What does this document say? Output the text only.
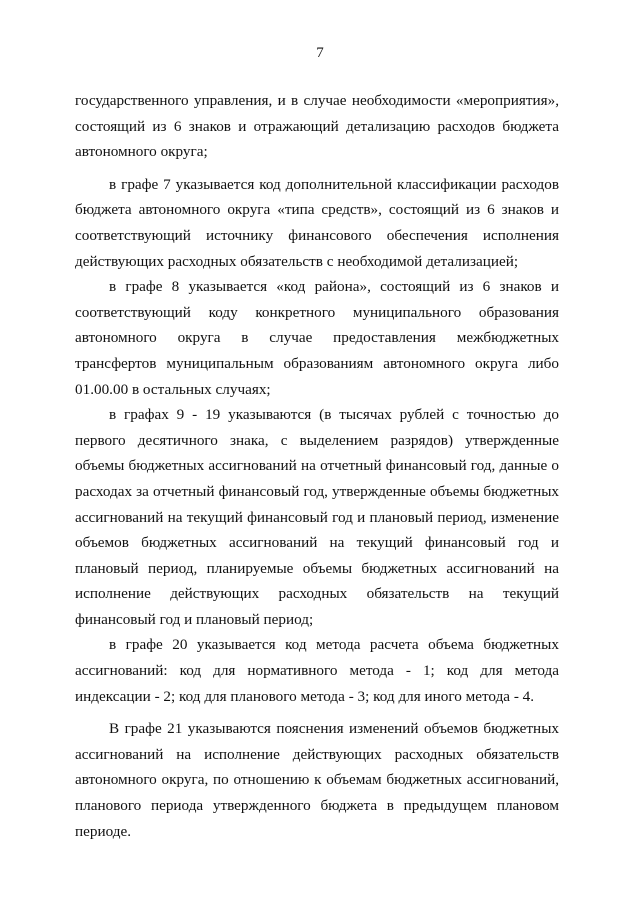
7

государственного управления, и в случае необходимости «мероприятия», состоящий из 6 знаков и отражающий детализацию расходов бюджета автономного округа;

в графе 7 указывается код дополнительной классификации расходов бюджета автономного округа «типа средств», состоящий из 6 знаков и соответствующий источнику финансового обеспечения исполнения действующих расходных обязательств с необходимой детализацией;

в графе 8 указывается «код района», состоящий из 6 знаков и соответствующий коду конкретного муниципального образования автономного округа в случае предоставления межбюджетных трансфертов муниципальным образованиям автономного округа либо 01.00.00 в остальных случаях;

в графах 9 - 19 указываются (в тысячах рублей с точностью до первого десятичного знака, с выделением разрядов) утвержденные объемы бюджетных ассигнований на отчетный финансовый год, данные о расходах за отчетный финансовый год, утвержденные объемы бюджетных ассигнований на текущий финансовый год и плановый период, изменение объемов бюджетных ассигнований на текущий финансовый год и плановый период, планируемые объемы бюджетных ассигнований на исполнение действующих расходных обязательств на текущий финансовый год и плановый период;

в графе 20 указывается код метода расчета объема бюджетных ассигнований: код для нормативного метода - 1; код для метода индексации - 2; код для планового метода - 3; код для иного метода - 4.

В графе 21 указываются пояснения изменений объемов бюджетных ассигнований на исполнение действующих расходных обязательств автономного округа, по отношению к объемам бюджетных ассигнований, планового периода утвержденного бюджета в предыдущем плановом периоде.
